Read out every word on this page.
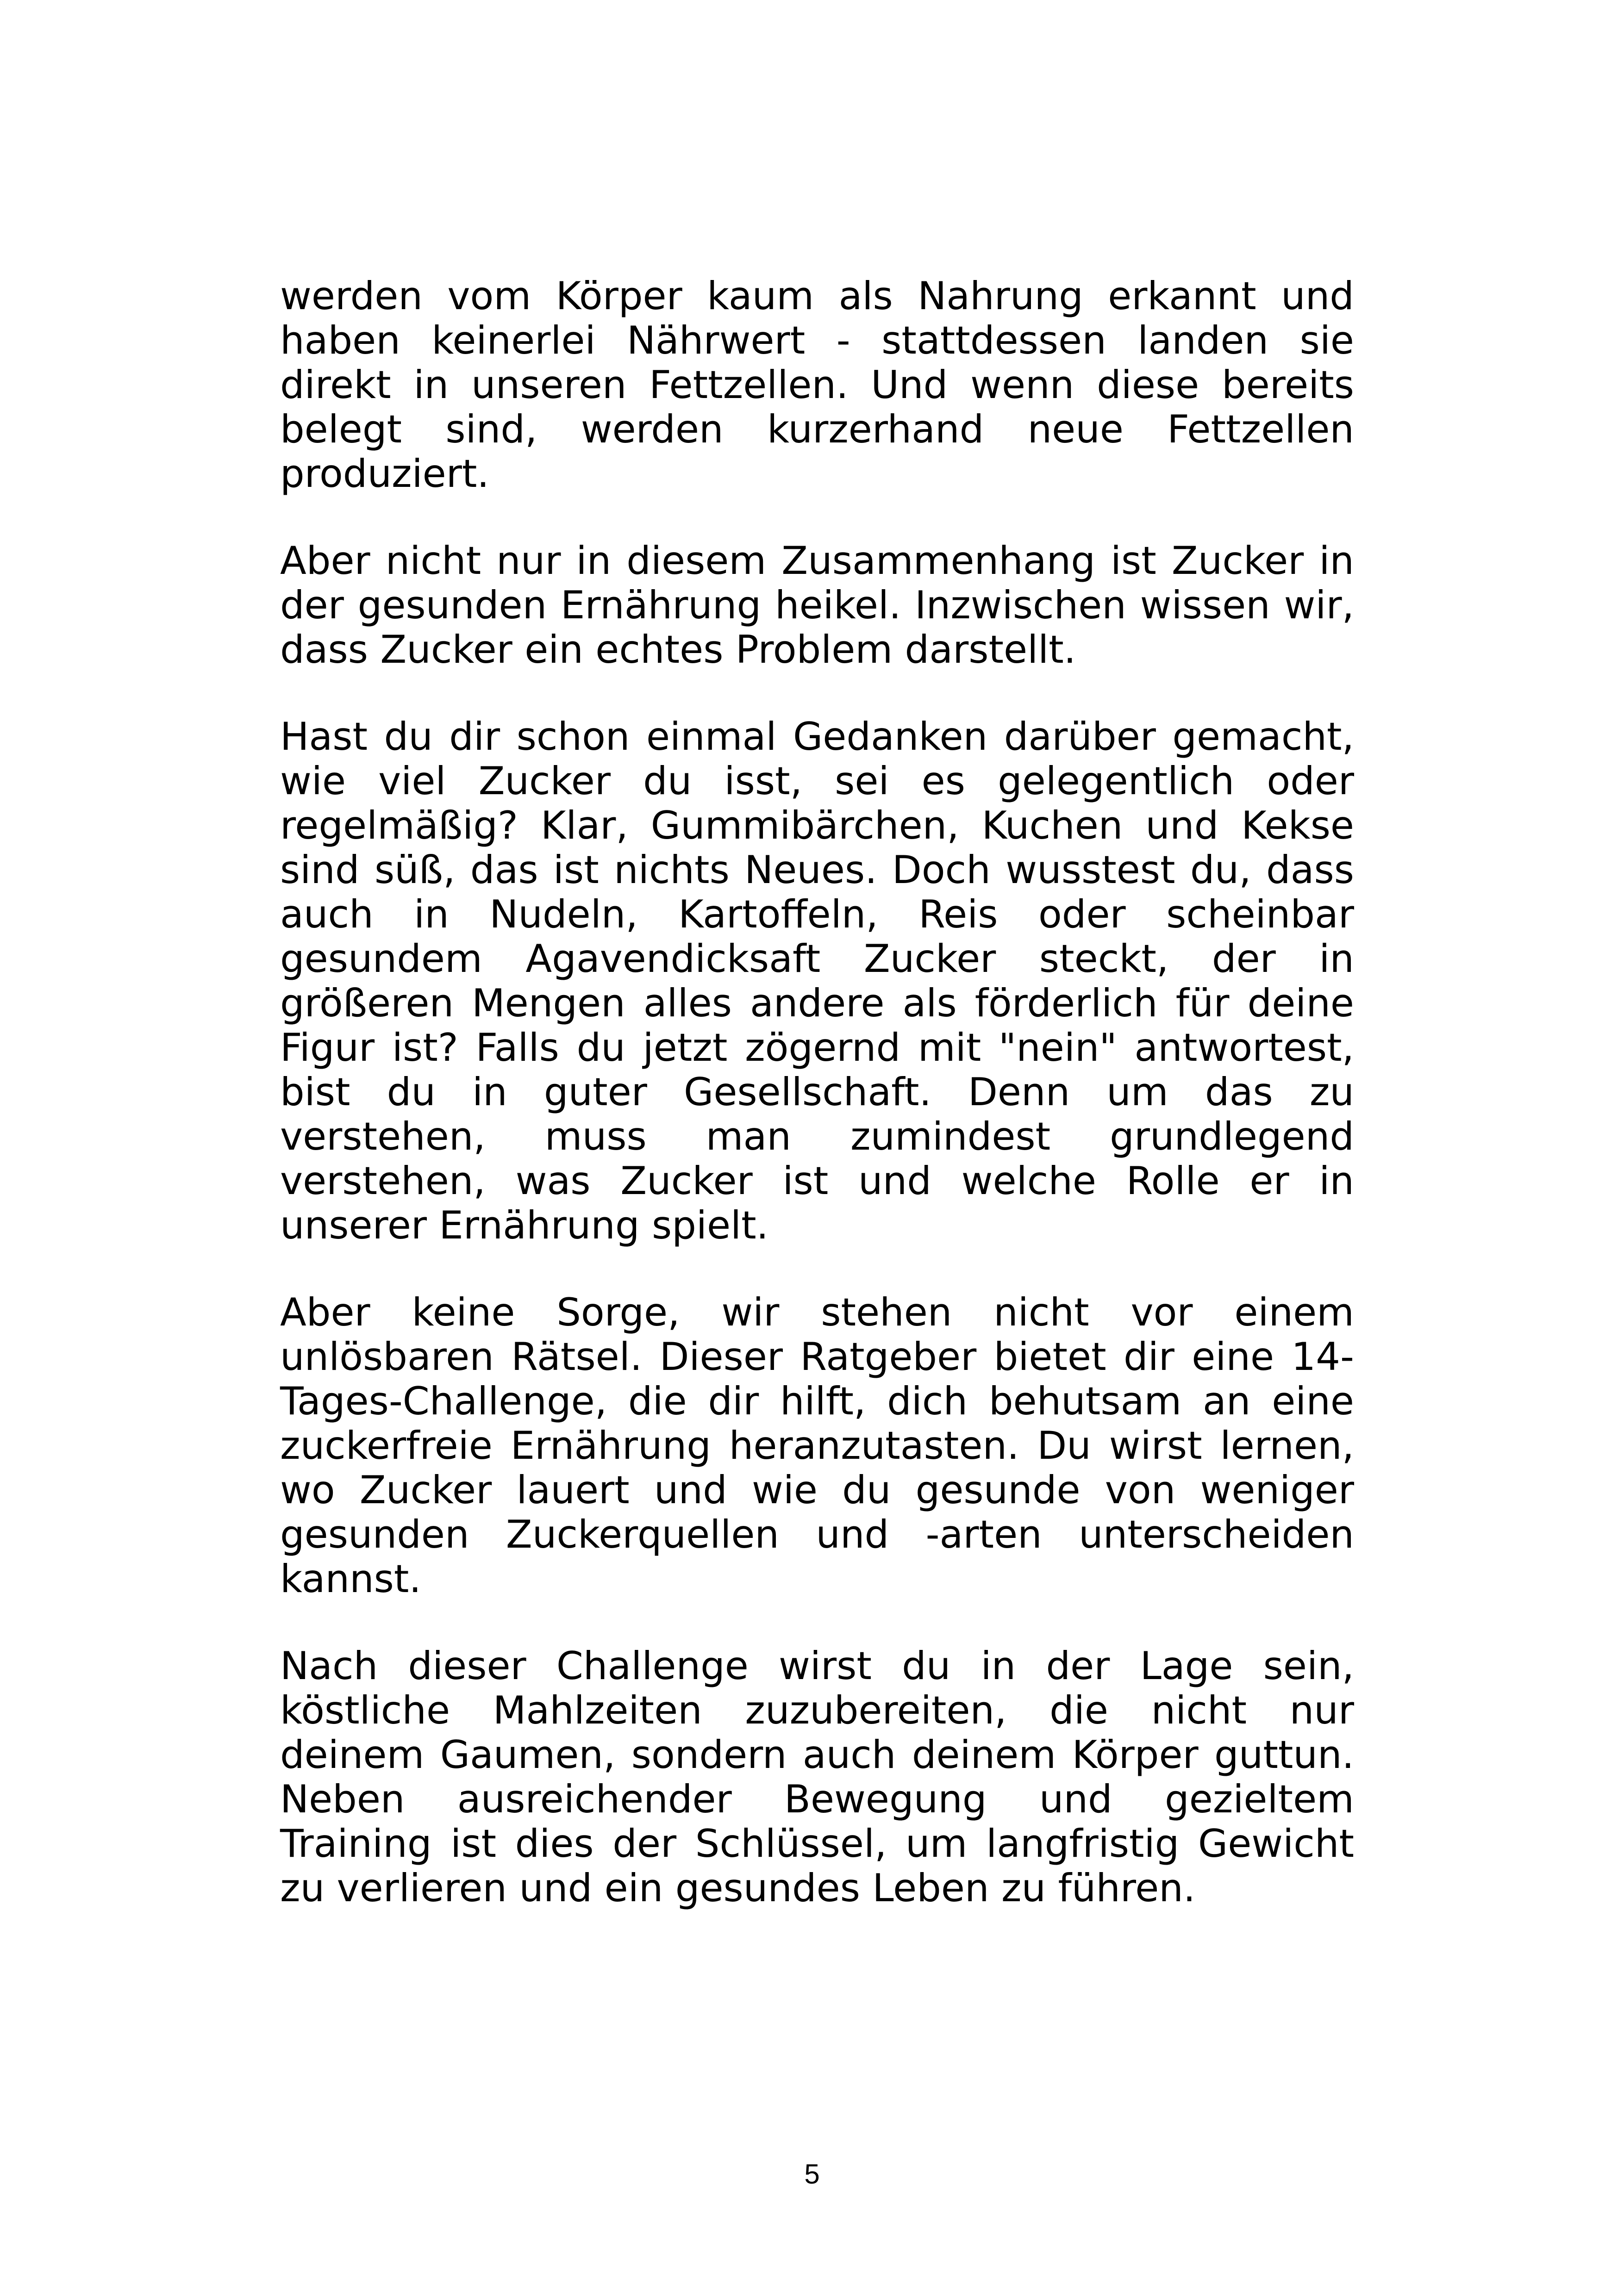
werden vom Körper kaum als Nahrung erkannt und haben keinerlei Nährwert - stattdessen landen sie direkt in unseren Fettzellen. Und wenn diese bereits belegt sind, werden kurzerhand neue Fettzellen produziert.

Aber nicht nur in diesem Zusammenhang ist Zucker in der gesunden Ernährung heikel. Inzwischen wissen wir, dass Zucker ein echtes Problem darstellt.

Hast du dir schon einmal Gedanken darüber gemacht, wie viel Zucker du isst, sei es gelegentlich oder regelmäßig? Klar, Gummibärchen, Kuchen und Kekse sind süß, das ist nichts Neues. Doch wusstest du, dass auch in Nudeln, Kartoffeln, Reis oder scheinbar gesundem Agavendicksaft Zucker steckt, der in größeren Mengen alles andere als förderlich für deine Figur ist? Falls du jetzt zögernd mit "nein" antwortest, bist du in guter Gesellschaft. Denn um das zu verstehen, muss man zumindest grundlegend verstehen, was Zucker ist und welche Rolle er in unserer Ernährung spielt.

Aber keine Sorge, wir stehen nicht vor einem unlösbaren Rätsel. Dieser Ratgeber bietet dir eine 14-Tages-Challenge, die dir hilft, dich behutsam an eine zuckerfreie Ernährung heranzutasten. Du wirst lernen, wo Zucker lauert und wie du gesunde von weniger gesunden Zuckerquellen und -arten unterscheiden kannst.

Nach dieser Challenge wirst du in der Lage sein, köstliche Mahlzeiten zuzubereiten, die nicht nur deinem Gaumen, sondern auch deinem Körper guttun. Neben ausreichender Bewegung und gezieltem Training ist dies der Schlüssel, um langfristig Gewicht zu verlieren und ein gesundes Leben zu führen.

5
